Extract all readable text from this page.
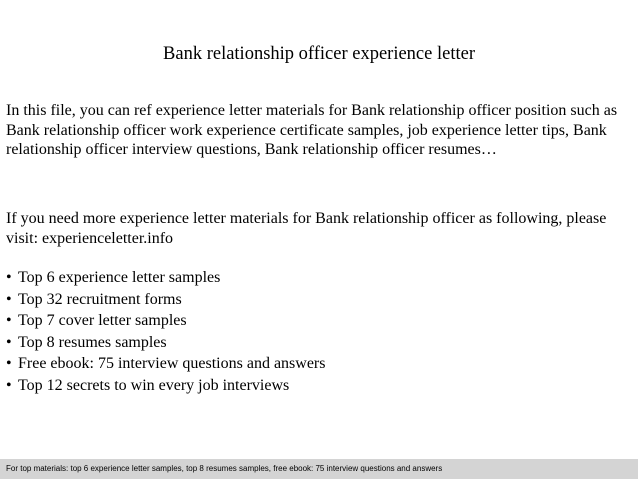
Bank relationship officer experience letter

In this file, you can ref experience letter materials for Bank relationship officer position such as Bank relationship officer work experience certificate samples, job experience letter tips, Bank relationship officer interview questions, Bank relationship officer resumes…

If you need more experience letter materials for Bank relationship officer as following, please visit: experienceletter.info

• Top 6 experience letter samples
• Top 32 recruitment forms
• Top 7 cover letter samples
• Top 8 resumes samples
• Free ebook: 75 interview questions and answers
• Top 12 secrets to win every job interviews
For top materials: top 6 experience letter samples, top 8 resumes samples, free ebook: 75 interview questions and answers
